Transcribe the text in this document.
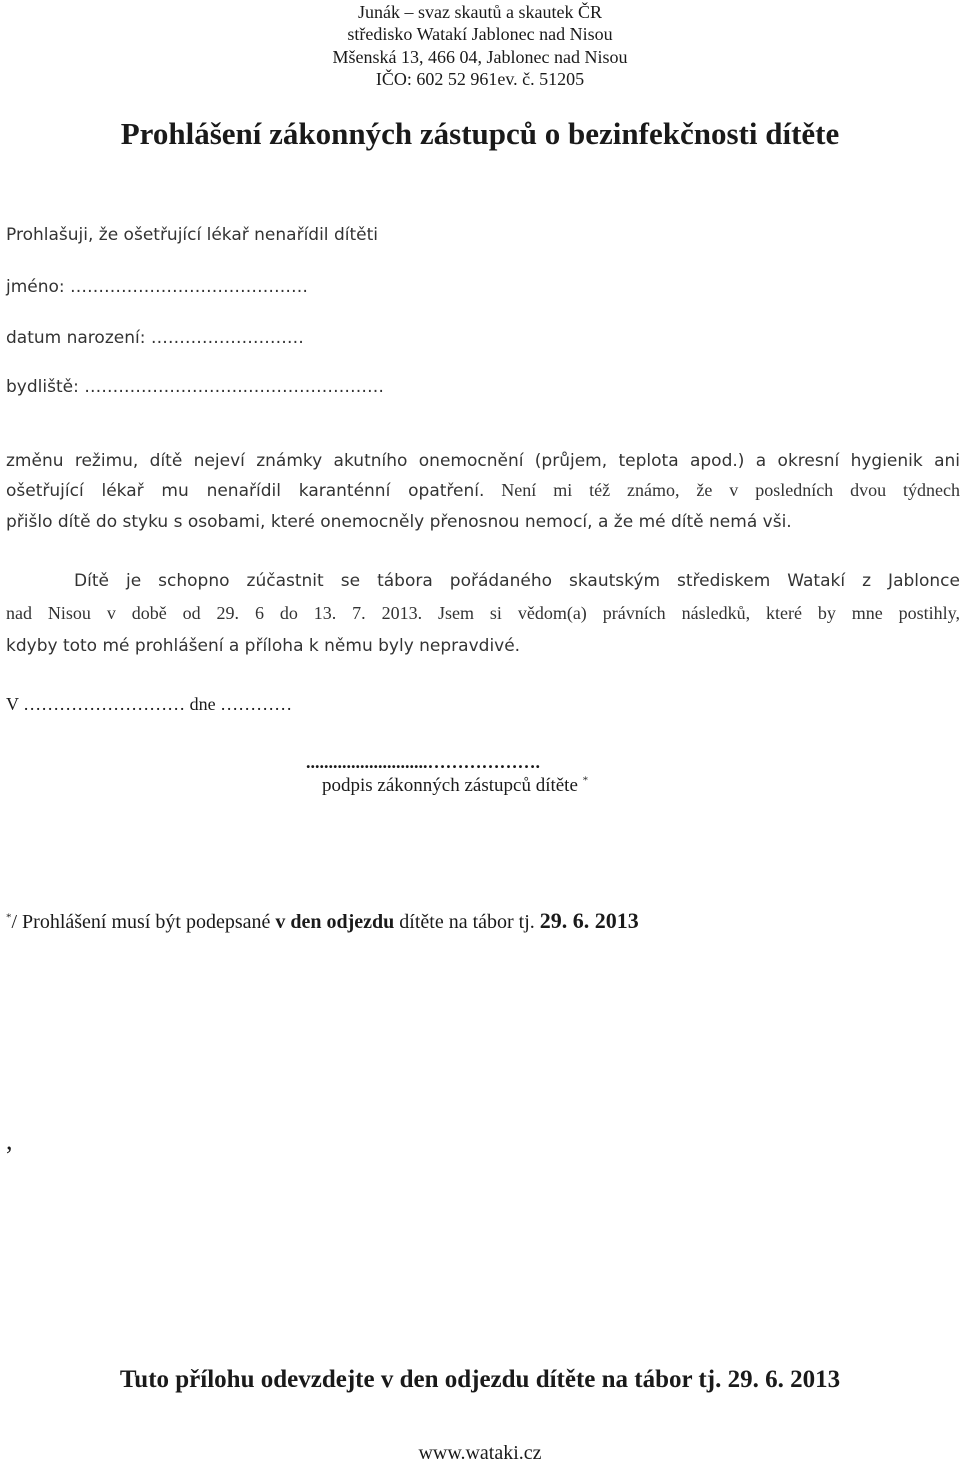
Junák – svaz skautů a skautek ČR
středisko Watakí Jablonec nad Nisou
Mšenská 13, 466 04, Jablonec nad Nisou
IČO: 602 52 961ev. č. 51205
Prohlášení zákonných zástupců o bezinfekčnosti dítěte
Prohlašuji, že ošetřující lékař nenařídil dítěti
jméno: ……………………………………
datum narození: ………………………
bydliště: ………………………..……………………
změnu režimu, dítě nejeví známky akutního onemocnění (průjem, teplota apod.) a okresní hygienik ani
ošetřující lékař mu nenařídil karanténní opatření. Není mi též známo, že v posledních dvou týdnech
přišlo dítě do styku s osobami, které onemocněly přenosnou nemocí, a že mé dítě nemá vši.
Dítě je schopno zúčastnit se tábora pořádaného skautským střediskem Watakí z Jablonce
nad Nisou v době od 29. 6 do 13. 7. 2013. Jsem si vědom(a) právních následků, které by mne postihly,
kdyby toto mé prohlášení a příloha k němu byly nepravdivé.
V ……………………… dne …………
...........................……………….
podpis zákonných zástupců dítěte *
*/ Prohlášení musí být podepsané v den odjezdu dítěte na tábor tj. 29. 6. 2013
,
Tuto přílohu odevzdejte v den odjezdu dítěte na tábor tj. 29. 6. 2013
www.wataki.cz
